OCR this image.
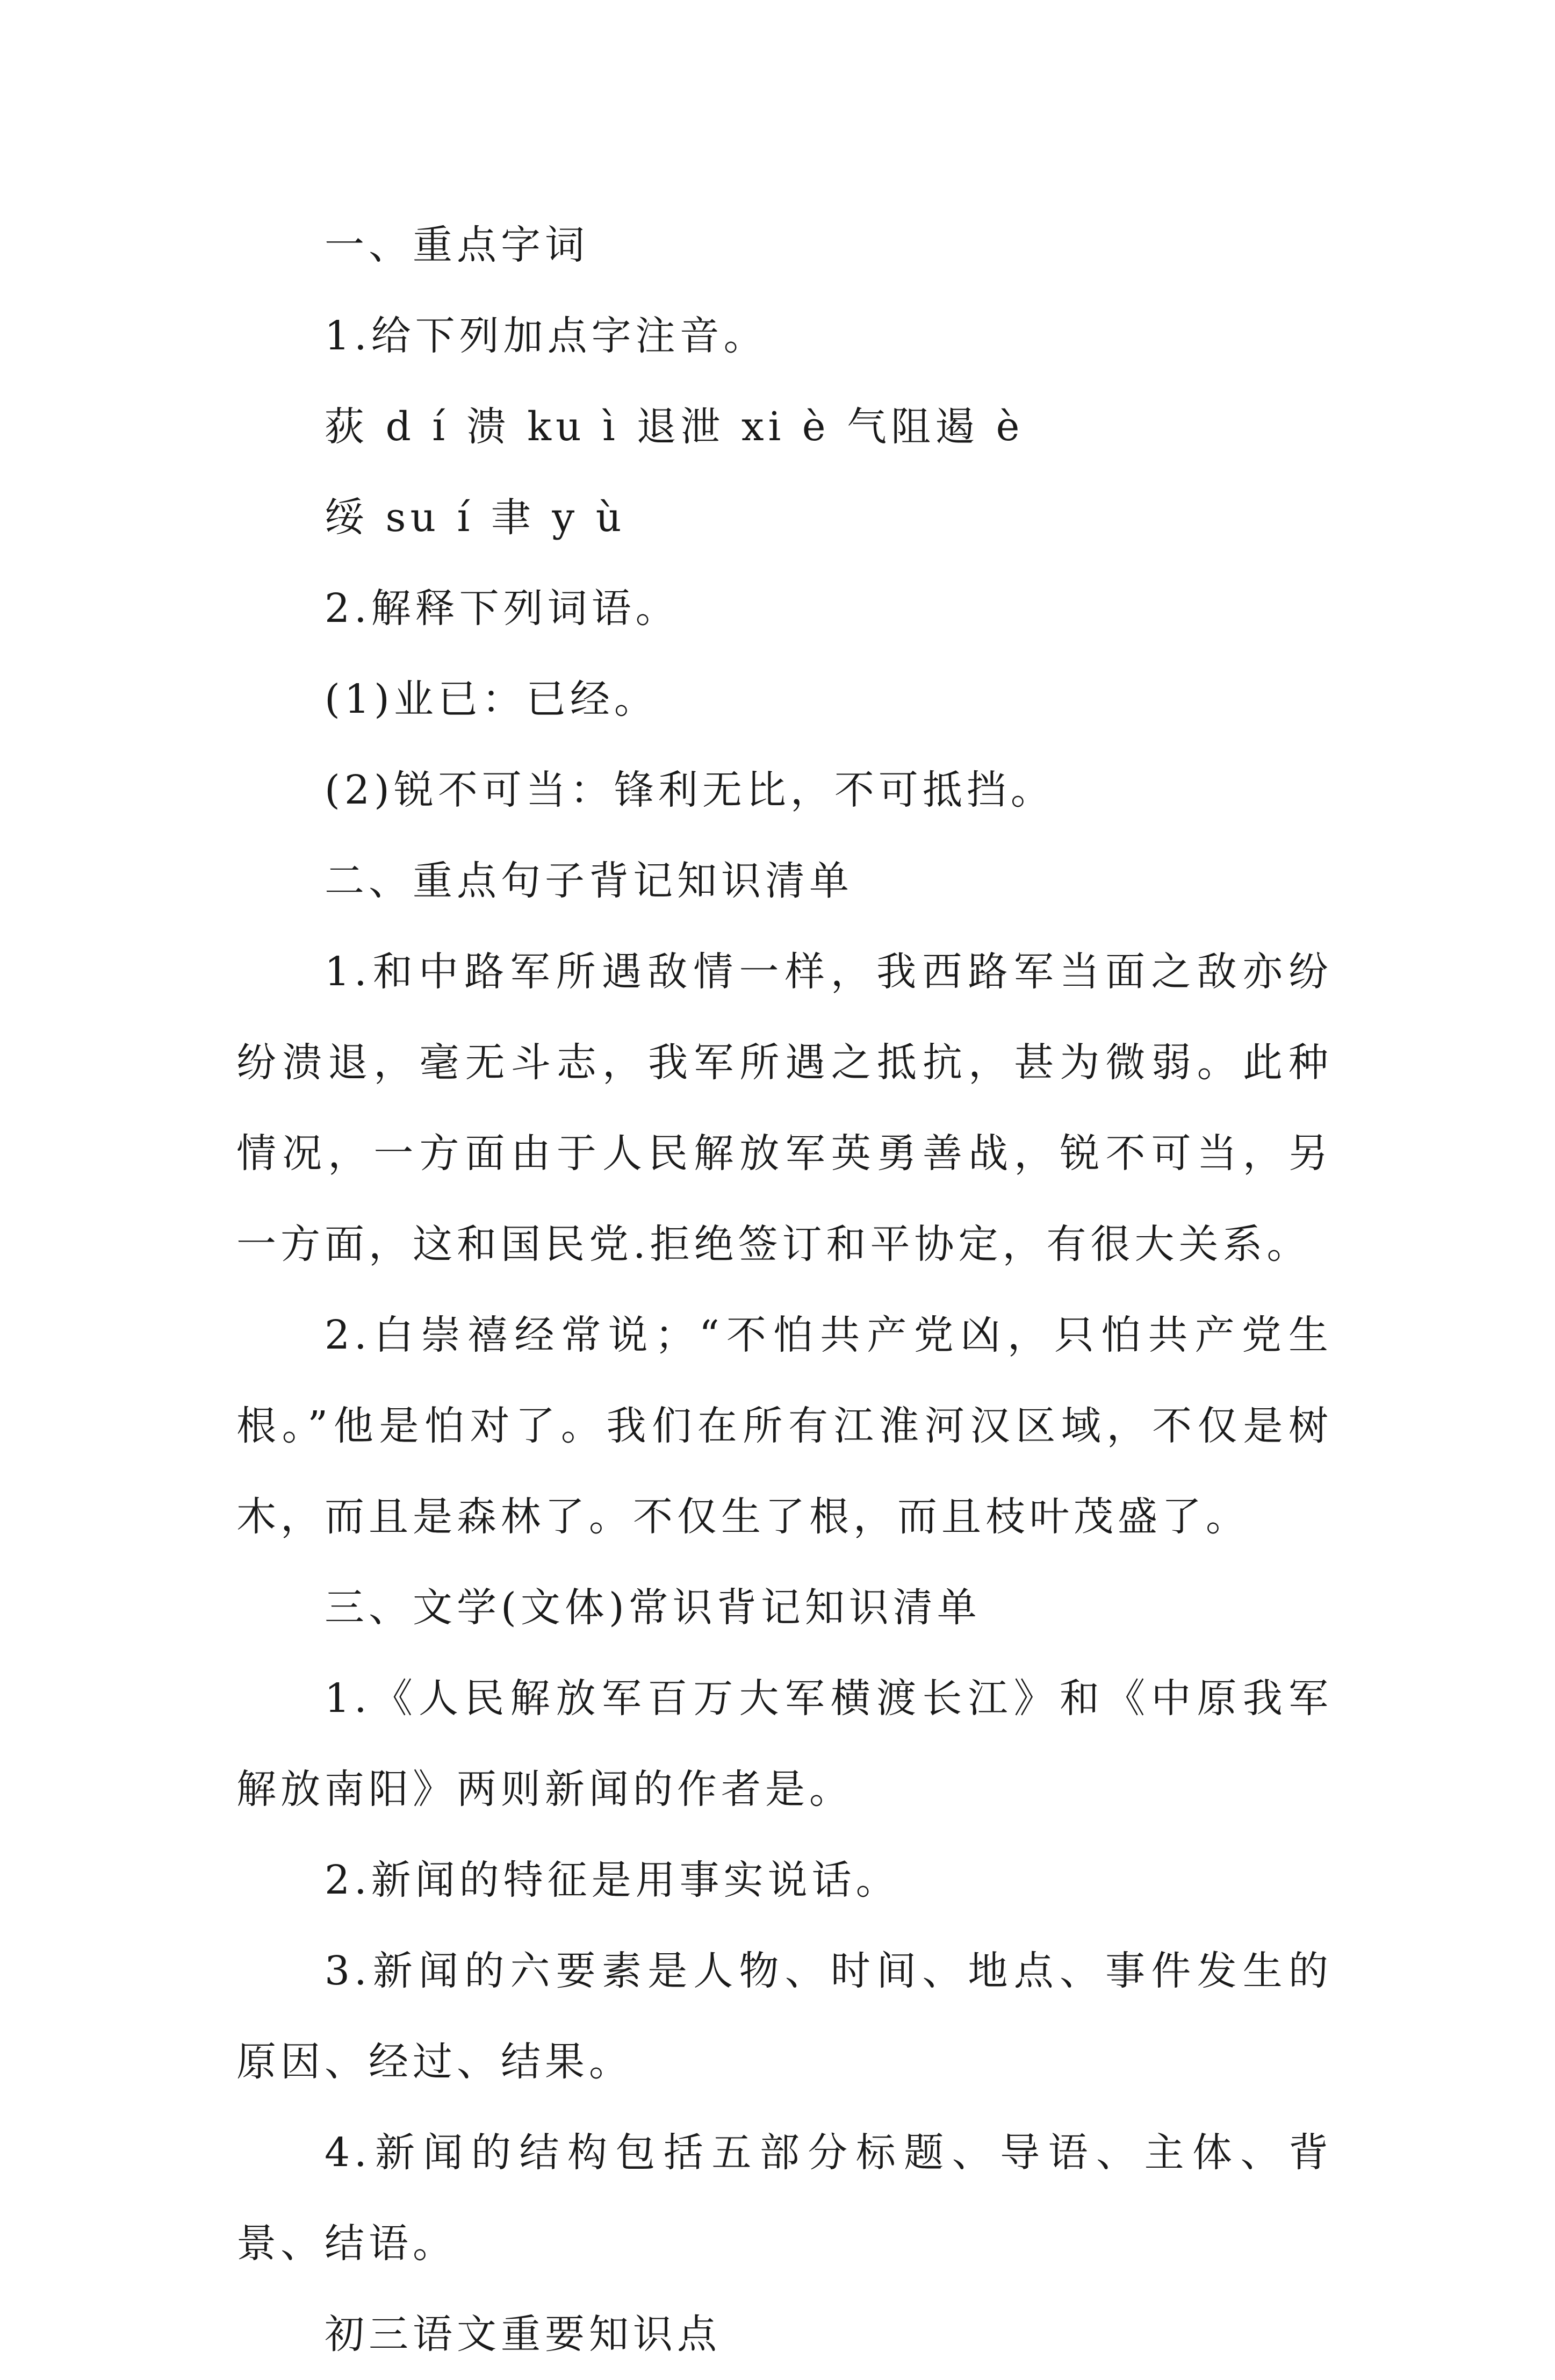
一、重点字词

1.给下列加点字注音。

荻 d í 溃 ku ì 退泄 xi è 气阻遏 è

绥 su í 聿 y ù

2.解释下列词语。

(1)业已：已经。

(2)锐不可当：锋利无比，不可抵挡。

二、重点句子背记知识清单

1.和中路军所遇敌情一样，我西路军当面之敌亦纷纷溃退，毫无斗志，我军所遇之抵抗，甚为微弱。此种情况，一方面由于人民解放军英勇善战，锐不可当，另一方面，这和国民党.拒绝签订和平协定，有很大关系。

2.白崇禧经常说；“不怕共产党凶，只怕共产党生根。”他是怕对了。我们在所有江淮河汉区域，不仅是树木，而且是森林了。不仅生了根，而且枝叶茂盛了。

三、文学(文体)常识背记知识清单

1.《人民解放军百万大军横渡长江》和《中原我军解放南阳》两则新闻的作者是。

2.新闻的特征是用事实说话。

3.新闻的六要素是人物、时间、地点、事件发生的原因、经过、结果。

4.新闻的结构包括五部分标题、导语、主体、背景、结语。

初三语文重要知识点
